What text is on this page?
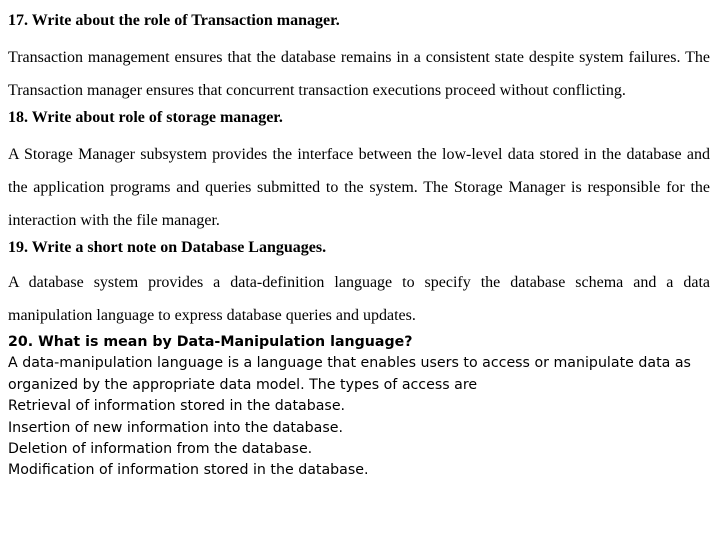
17. Write about the role of Transaction manager.

Transaction management ensures that the database remains in a consistent state despite system failures. The Transaction manager ensures that concurrent transaction executions proceed without conflicting.

18. Write about role of storage manager.

A Storage Manager subsystem provides the interface between the low-level data stored in the database and the application programs and queries submitted to the system. The Storage Manager is responsible for the interaction with the file manager.

19. Write a short note on Database Languages.

A database system provides a data-definition language to specify the database schema and a data manipulation language to express database queries and updates.

20. What is mean by Data-Manipulation language?

A data-manipulation language is a language that enables users to access or manipulate data as organized by the appropriate data model. The types of access are

Retrieval of information stored in the database.

Insertion of new information into the database.

Deletion of information from the database.

Modification of information stored in the database.
